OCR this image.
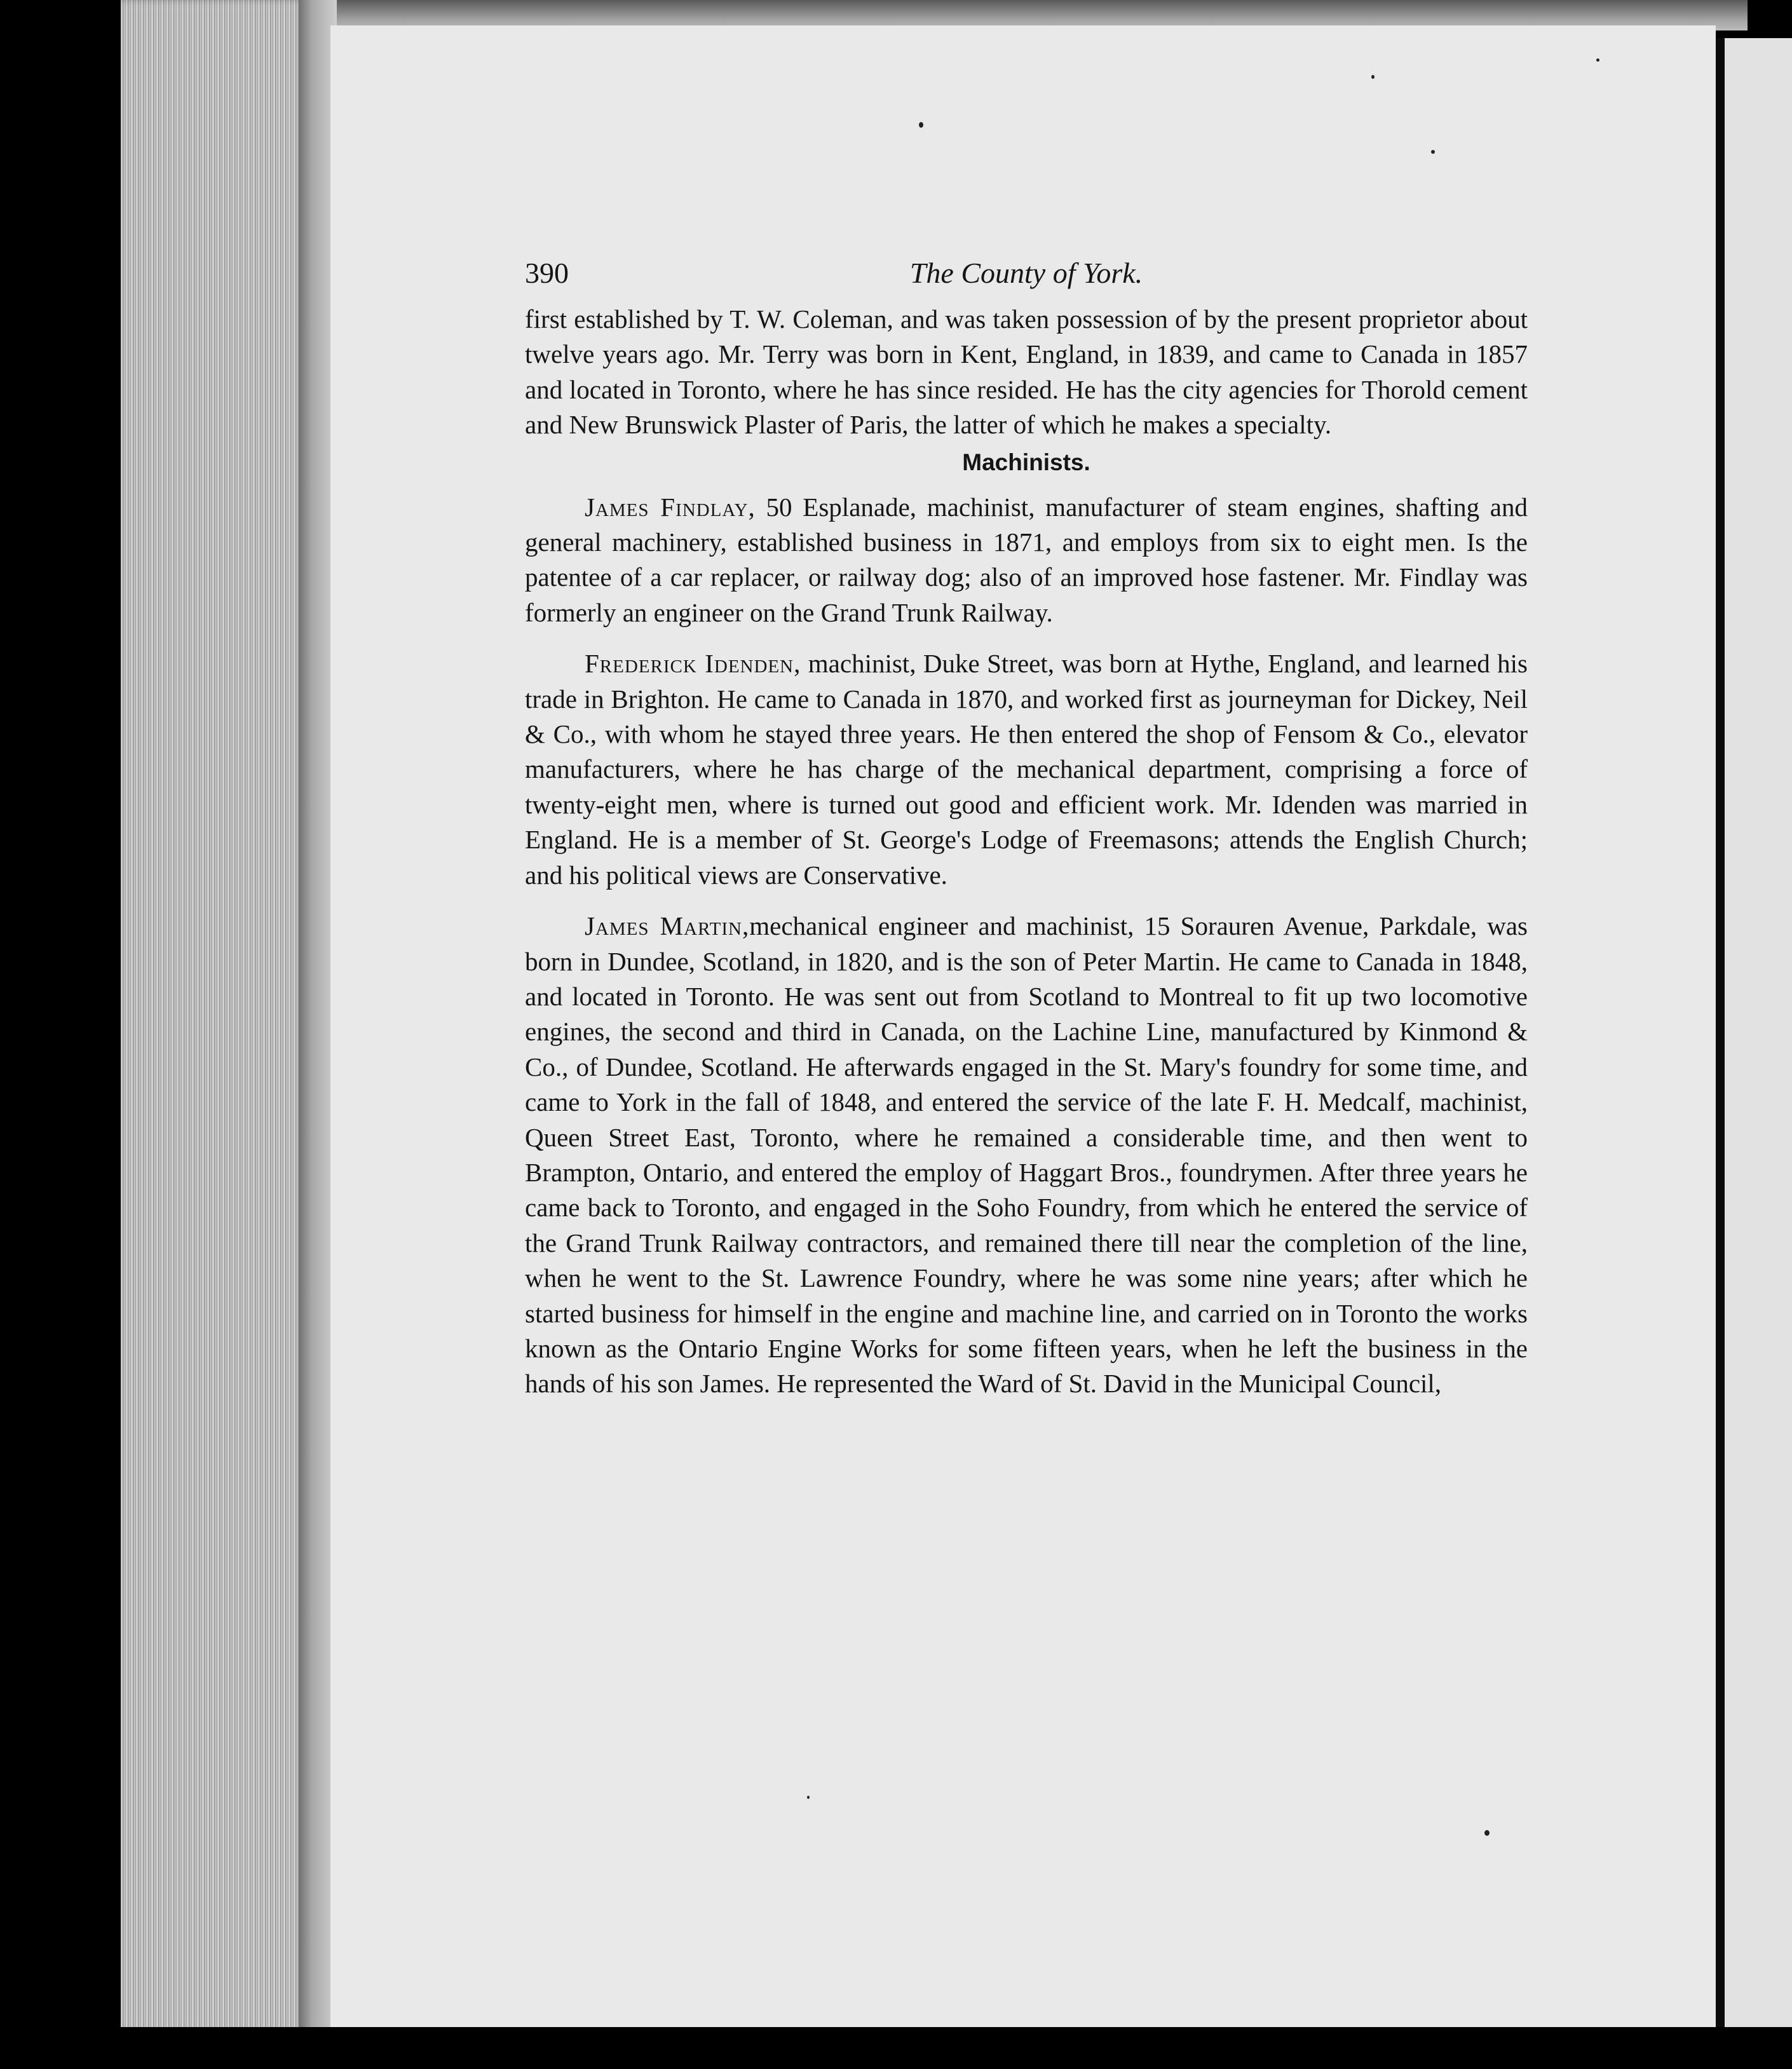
390	The County of York.

first established by T. W. Coleman, and was taken possession of by the present proprietor about twelve years ago. Mr. Terry was born in Kent, England, in 1839, and came to Canada in 1857 and located in Toronto, where he has since resided. He has the city agencies for Thorold cement and New Brunswick Plaster of Paris, the latter of which he makes a specialty.

Machinists.

James Findlay, 50 Esplanade, machinist, manufacturer of steam engines, shafting and general machinery, established business in 1871, and employs from six to eight men. Is the patentee of a car replacer, or railway dog; also of an improved hose fastener. Mr. Findlay was formerly an engineer on the Grand Trunk Railway.

Frederick Idenden, machinist, Duke Street, was born at Hythe, England, and learned his trade in Brighton. He came to Canada in 1870, and worked first as journeyman for Dickey, Neil & Co., with whom he stayed three years. He then entered the shop of Fensom & Co., elevator manufacturers, where he has charge of the mechanical department, comprising a force of twenty-eight men, where is turned out good and efficient work. Mr. Idenden was married in England. He is a member of St. George's Lodge of Freemasons; attends the English Church; and his political views are Conservative.

James Martin,mechanical engineer and machinist, 15 Sorauren Avenue, Parkdale, was born in Dundee, Scotland, in 1820, and is the son of Peter Martin. He came to Canada in 1848, and located in Toronto. He was sent out from Scotland to Montreal to fit up two locomotive engines, the second and third in Canada, on the Lachine Line, manufactured by Kinmond & Co., of Dundee, Scotland. He afterwards engaged in the St. Mary's foundry for some time, and came to York in the fall of 1848, and entered the service of the late F. H. Medcalf, machinist, Queen Street East, Toronto, where he remained a considerable time, and then went to Brampton, Ontario, and entered the employ of Haggart Bros., foundrymen. After three years he came back to Toronto, and engaged in the Soho Foundry, from which he entered the service of the Grand Trunk Railway contractors, and remained there till near the completion of the line, when he went to the St. Lawrence Foundry, where he was some nine years; after which he started business for himself in the engine and machine line, and carried on in Toronto the works known as the Ontario Engine Works for some fifteen years, when he left the business in the hands of his son James. He represented the Ward of St. David in the Municipal Council,
